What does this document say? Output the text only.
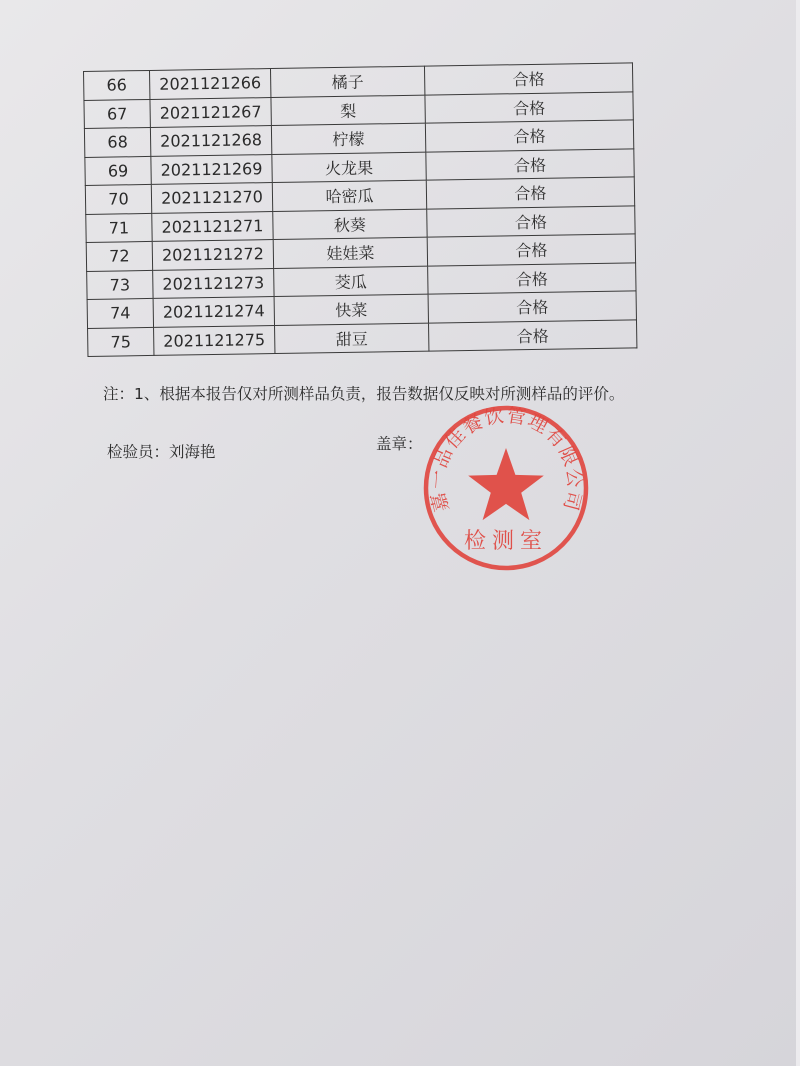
66	2021121266	橘子	合格
67	2021121267	梨	合格
68	2021121268	柠檬	合格
69	2021121269	火龙果	合格
70	2021121270	哈密瓜	合格
71	2021121271	秋葵	合格
72	2021121272	娃娃菜	合格
73	2021121273	茭瓜	合格
74	2021121274	快菜	合格
75	2021121275	甜豆	合格
注：1、根据本报告仅对所测样品负责，报告数据仅反映对所测样品的评价。
检验员：刘海艳	盖章：
嘉一品佳餐饮管理有限公司
检测室
